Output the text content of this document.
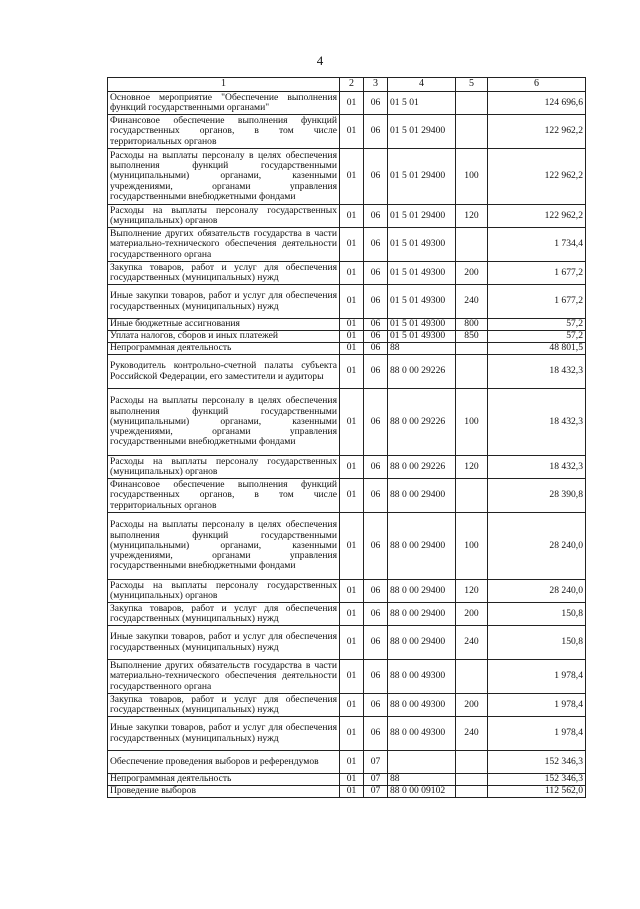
4
1	2	3	4	5	6
Основное мероприятие "Обеспечение выполнения функций государственными органами"	01	06	01 5 01		124 696,6
Финансовое обеспечение выполнения функций государственных органов, в том числе территориальных органов	01	06	01 5 01 29400		122 962,2
Расходы на выплаты персоналу в целях обеспечения выполнения функций государственными (муниципальными) органами, казенными учреждениями, органами управления государственными внебюджетными фондами	01	06	01 5 01 29400	100	122 962,2
Расходы на выплаты персоналу государственных (муниципальных) органов	01	06	01 5 01 29400	120	122 962,2
Выполнение других обязательств государства в части материально-технического обеспечения деятельности государственного органа	01	06	01 5 01 49300		1 734,4
Закупка товаров, работ и услуг для обеспечения государственных (муниципальных) нужд	01	06	01 5 01 49300	200	1 677,2
Иные закупки товаров, работ и услуг для обеспечения государственных (муниципальных) нужд	01	06	01 5 01 49300	240	1 677,2
Иные бюджетные ассигнования	01	06	01 5 01 49300	800	57,2
Уплата налогов, сборов и иных платежей	01	06	01 5 01 49300	850	57,2
Непрограммная деятельность	01	06	88		48 801,5
Руководитель контрольно-счетной палаты субъекта Российской Федерации, его заместители и аудиторы	01	06	88 0 00 29226		18 432,3
Расходы на выплаты персоналу в целях обеспечения выполнения функций государственными (муниципальными) органами, казенными учреждениями, органами управления государственными внебюджетными фондами	01	06	88 0 00 29226	100	18 432,3
Расходы на выплаты персоналу государственных (муниципальных) органов	01	06	88 0 00 29226	120	18 432,3
Финансовое обеспечение выполнения функций государственных органов, в том числе территориальных органов	01	06	88 0 00 29400		28 390,8
Расходы на выплаты персоналу в целях обеспечения выполнения функций государственными (муниципальными) органами, казенными учреждениями, органами управления государственными внебюджетными фондами	01	06	88 0 00 29400	100	28 240,0
Расходы на выплаты персоналу государственных (муниципальных) органов	01	06	88 0 00 29400	120	28 240,0
Закупка товаров, работ и услуг для обеспечения государственных (муниципальных) нужд	01	06	88 0 00 29400	200	150,8
Иные закупки товаров, работ и услуг для обеспечения государственных (муниципальных) нужд	01	06	88 0 00 29400	240	150,8
Выполнение других обязательств государства в части материально-технического обеспечения деятельности государственного органа	01	06	88 0 00 49300		1 978,4
Закупка товаров, работ и услуг для обеспечения государственных (муниципальных) нужд	01	06	88 0 00 49300	200	1 978,4
Иные закупки товаров, работ и услуг для обеспечения государственных (муниципальных) нужд	01	06	88 0 00 49300	240	1 978,4
Обеспечение проведения выборов и референдумов	01	07			152 346,3
Непрограммная деятельность	01	07	88		152 346,3
Проведение выборов	01	07	88 0 00 09102		112 562,0
